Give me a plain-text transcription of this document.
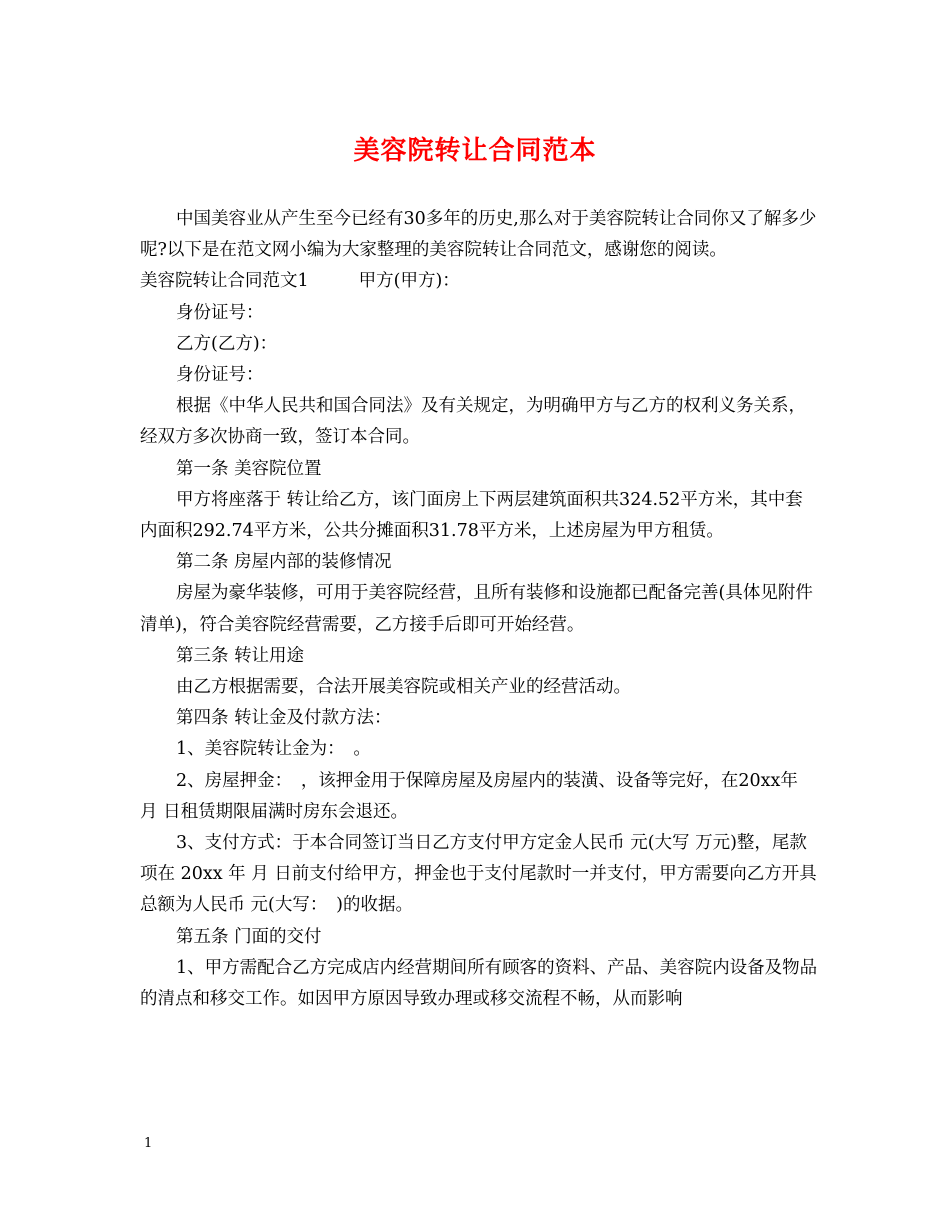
美容院转让合同范本

中国美容业从产生至今已经有30多年的历史,那么对于美容院转让合同你又了解多少呢?以下是在范文网小编为大家整理的美容院转让合同范文，感谢您的阅读。

美容院转让合同范文1	甲方(甲方)：

身份证号：

乙方(乙方)：

身份证号：

根据《中华人民共和国合同法》及有关规定，为明确甲方与乙方的权利义务关系，经双方多次协商一致，签订本合同。

第一条 美容院位置

甲方将座落于 转让给乙方，该门面房上下两层建筑面积共324.52平方米，其中套内面积292.74平方米，公共分摊面积31.78平方米，上述房屋为甲方租赁。

第二条 房屋内部的装修情况

房屋为豪华装修，可用于美容院经营，且所有装修和设施都已配备完善(具体见附件清单)，符合美容院经营需要，乙方接手后即可开始经营。

第三条 转让用途

由乙方根据需要，合法开展美容院或相关产业的经营活动。

第四条 转让金及付款方法：

1、美容院转让金为：　。

2、房屋押金：　，该押金用于保障房屋及房屋内的装潢、设备等完好，在20xx年 月 日租赁期限届满时房东会退还。

3、支付方式：于本合同签订当日乙方支付甲方定金人民币 元(大写 万元)整，尾款项在 20xx 年 月 日前支付给甲方，押金也于支付尾款时一并支付，甲方需要向乙方开具总额为人民币 元(大写：　)的收据。

第五条 门面的交付

1、甲方需配合乙方完成店内经营期间所有顾客的资料、产品、美容院内设备及物品的清点和移交工作。如因甲方原因导致办理或移交流程不畅，从而影响

1
